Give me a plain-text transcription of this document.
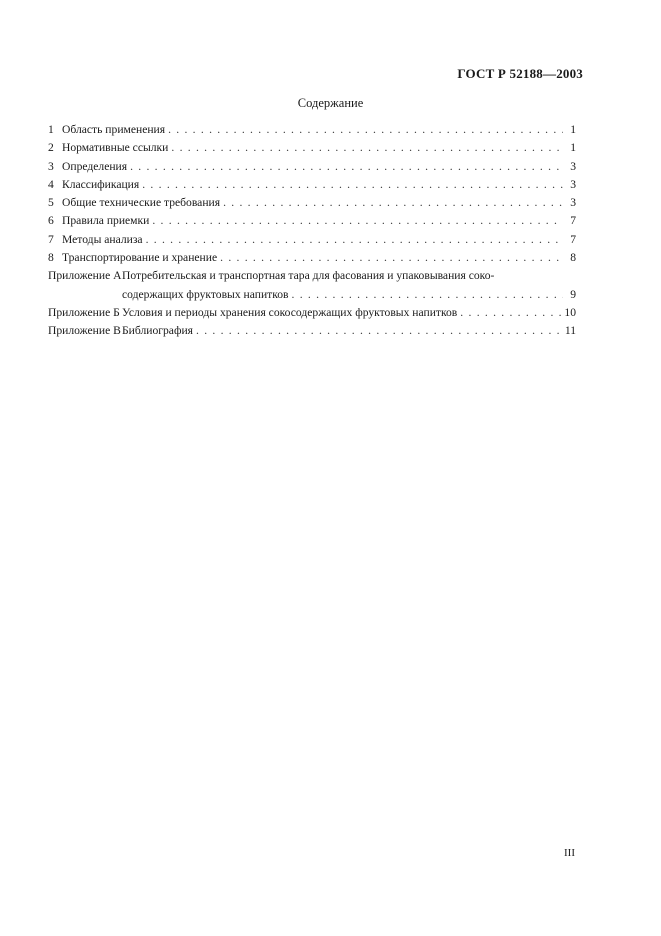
ГОСТ Р 52188—2003
Содержание
1 Область применения . . .	1
2 Нормативные ссылки . . .	1
3 Определения . . .	3
4 Классификация . . .	3
5 Общие технические требования . . .	3
6 Правила приемки . . .	7
7 Методы анализа . . .	7
8 Транспортирование и хранение . . .	8
Приложение А Потребительская и транспортная тара для фасования и упаковывания соко-
содержащих фруктовых напитков . . .	9
Приложение Б Условия и периоды хранения сокосодержащих фруктовых напитков . . .	10
Приложение В Библиография . . .	11
III
